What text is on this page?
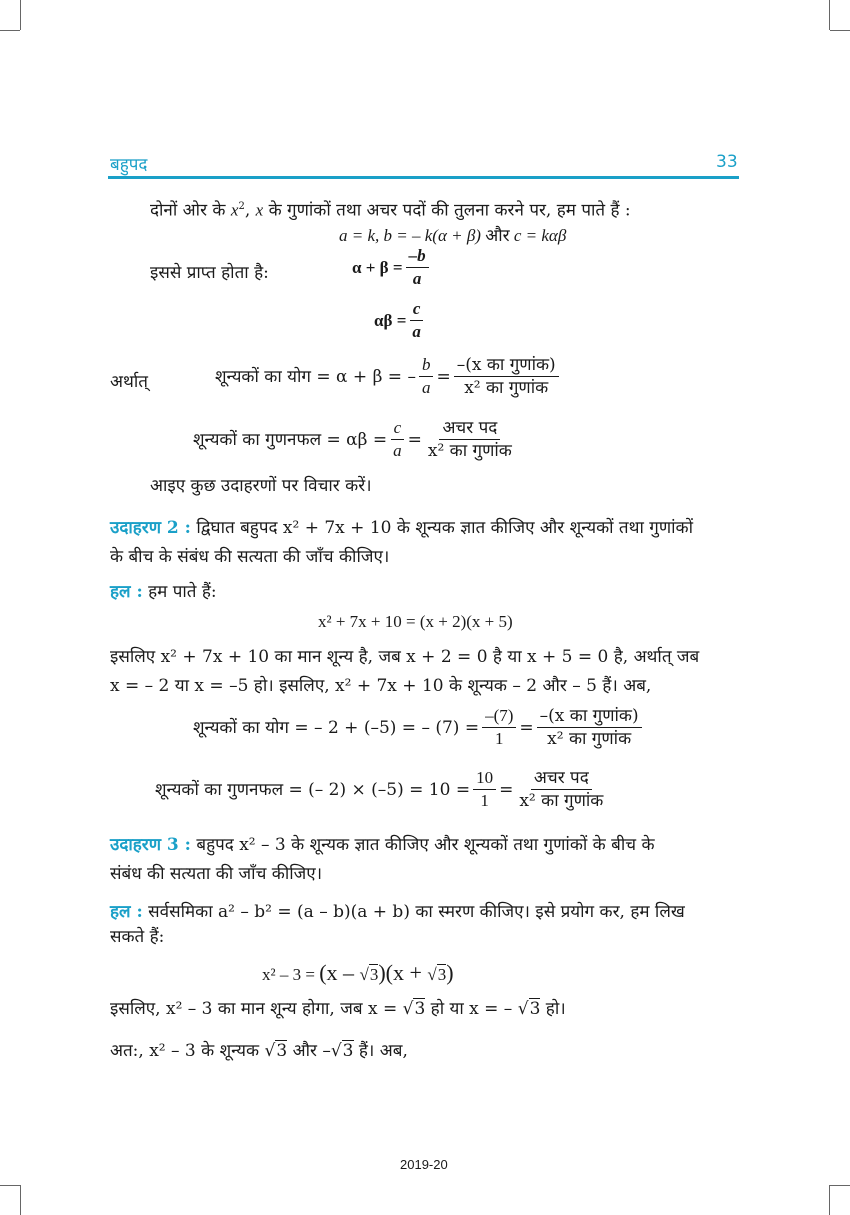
बहुपद	33
दोनों ओर के $x^2$, x के गुणांकों तथा अचर पदों की तुलना करने पर, हम पाते हैं :
a = k, b = – k(α + β) और c = kαβ
इससे प्राप्त होता है:	$\alpha + \beta = \frac{-b}{a}$
$\alpha\beta = \frac{c}{a}$
अर्थात्	शून्यकों का योग = α + β = – $\frac{b}{a} = \frac{\text{–(x का गुणांक)}}{\text{x² का गुणांक}}$
शून्यकों का गुणनफल = $\alpha\beta = \frac{c}{a} = \frac{\text{अचर पद}}{\text{x² का गुणांक}}$
आइए कुछ उदाहरणों पर विचार करें।
उदाहरण 2 : द्विघात बहुपद x² + 7x + 10 के शून्यक ज्ञात कीजिए और शून्यकों तथा गुणांकों
के बीच के संबंध की सत्यता की जाँच कीजिए।
हल : हम पाते हैं:
x² + 7x + 10 = (x + 2)(x + 5)
इसलिए x² + 7x + 10 का मान शून्य है, जब x + 2 = 0 है या x + 5 = 0 है, अर्थात् जब
x = – 2 या x = –5 हो। इसलिए, x² + 7x + 10 के शून्यक – 2 और – 5 हैं। अब,
शून्यकों का योग = – 2 + (–5) = – $(7) = \frac{-(7)}{1} = \frac{\text{–(x का गुणांक)}}{\text{x² का गुणांक}}$
शून्यकों का गुणनफल = (– $2) \times (-5) = 10 = \frac{10}{1} = \frac{\text{अचर पद}}{\text{x² का गुणांक}}$
उदाहरण 3 : बहुपद x² – 3 के शून्यक ज्ञात कीजिए और शून्यकों तथा गुणांकों के बीच के
संबंध की सत्यता की जाँच कीजिए।
हल : सर्वसमिका a² – b² = (a – b)(a + b) का स्मरण कीजिए। इसे प्रयोग कर, हम लिख
सकते हैं:
x² – 3 = (x – √3)(x + √3)
इसलिए, x² – 3 का मान शून्य होगा, जब x = √3 हो या x = – √3 हो।
अत:, x² – 3 के शून्यक √3 और –√3 हैं। अब,
2019-20
